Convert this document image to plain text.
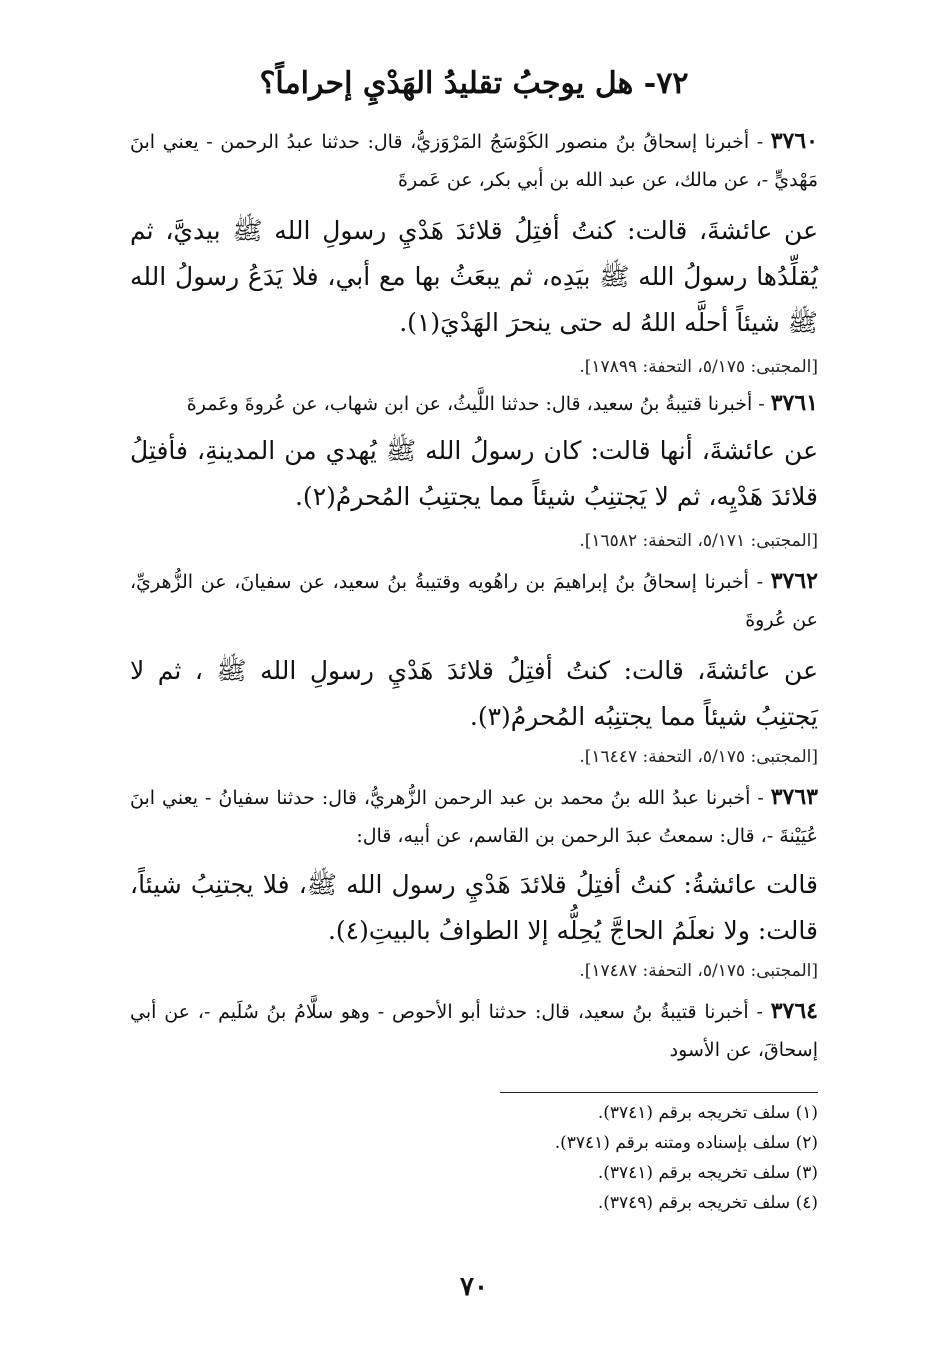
٧٢- هل يوجبُ تقليدُ الهَدْيِ إحراماً؟
٣٧٦٠ - أخبرنا إسحاقُ بنُ منصور الكَوْسَجُ المَرْوَزيُّ، قال: حدثنا عبدُ الرحمن - يعني ابنَ مَهْديٍّ -، عن مالك، عن عبد الله بن أبي بكر، عن عَمرةَ
عن عائشةَ، قالت: كنتُ أفتِلُ قلائدَ هَدْيِ رسولِ الله ﷺ بيديَّ، ثم يُقلِّدُها رسولُ الله ﷺ بيَدِه، ثم يبعَثُ بها مع أبي، فلا يَدَعُ رسولُ الله ﷺ شيئاً أحلَّه اللهُ له حتى ينحرَ الهَدْيَ(١).
[المجتبى: ٥/١٧٥، التحفة: ١٧٨٩٩].
٣٧٦١ - أخبرنا قتيبةُ بنُ سعيد، قال: حدثنا اللَّيثُ، عن ابن شهاب، عن عُروةَ وعَمرةَ
عن عائشةَ، أنها قالت: كان رسولُ الله ﷺ يُهدي من المدينةِ، فأفتِلُ قلائدَ هَدْيِه، ثم لا يَجتنِبُ شيئاً مما يجتنِبُ المُحرمُ(٢).
[المجتبى: ٥/١٧١، التحفة: ١٦٥٨٢].
٣٧٦٢ - أخبرنا إسحاقُ بنُ إبراهيمَ بن راهُويه وقتيبةُ بنُ سعيد، عن سفيانَ، عن الزُّهريِّ، عن عُروةَ
عن عائشةَ، قالت: كنتُ أفتِلُ قلائدَ هَدْيِ رسولِ الله ﷺ ، ثم لا يَجتنِبُ شيئاً مما يجتنِبُه المُحرمُ(٣).
[المجتبى: ٥/١٧٥، التحفة: ١٦٤٤٧].
٣٧٦٣ - أخبرنا عبدُ الله بنُ محمد بن عبد الرحمن الزُّهريُّ، قال: حدثنا سفيانُ - يعني ابنَ عُيَيْنةَ -، قال: سمعتُ عبدَ الرحمن بن القاسم، عن أبيه، قال:
قالت عائشةُ: كنتُ أفتِلُ قلائدَ هَدْيِ رسول الله ﷺ، فلا يجتنِبُ شيئاً، قالت: ولا نعلَمُ الحاجَّ يُحِلُّه إلا الطوافُ بالبيتِ(٤).
[المجتبى: ٥/١٧٥، التحفة: ١٧٤٨٧].
٣٧٦٤ - أخبرنا قتيبةُ بنُ سعيد، قال: حدثنا أبو الأحوص - وهو سلَّامُ بنُ سُلَيم -، عن أبي إسحاقَ، عن الأسود
(١) سلف تخريجه برقم (٣٧٤١).
(٢) سلف بإسناده ومتنه برقم (٣٧٤١).
(٣) سلف تخريجه برقم (٣٧٤١).
(٤) سلف تخريجه برقم (٣٧٤٩).
٧٠
